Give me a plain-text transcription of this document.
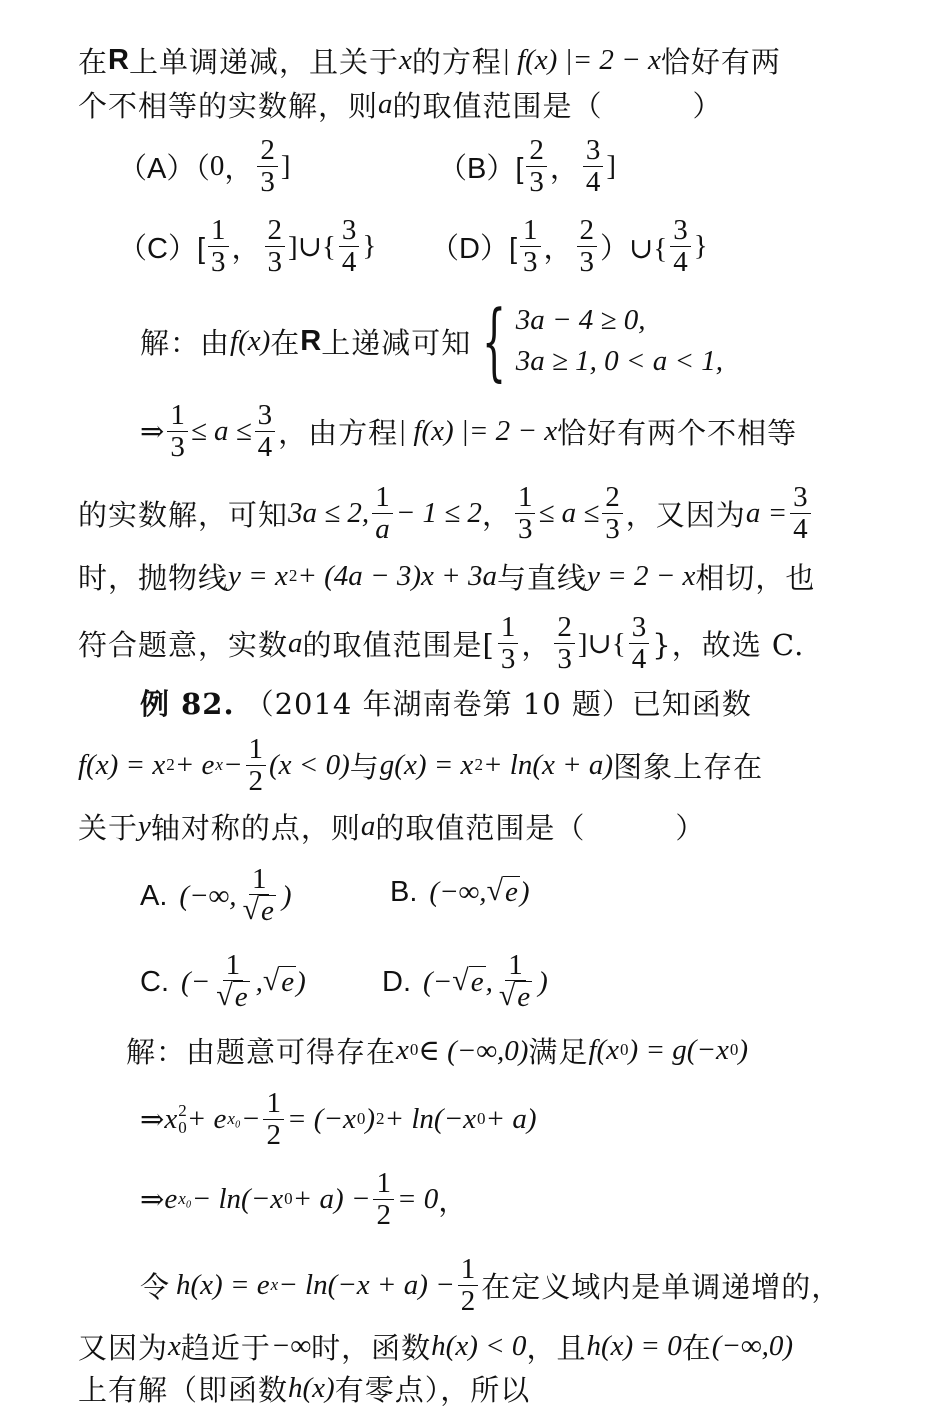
在 R 上单调递减，且关于 x 的方程 | f(x) |= 2 − x 恰好有两
个不相等的实数解，则 a 的取值范围是（　　　）
（A）（ 0 ， $\frac{2}{3}$ ]	$(B)[ \frac{2}{3}$ ， $\frac{3}{4}$ ]
$(C)[ \frac{1}{3}$ ， $\frac{2}{3}$ ]∪{ $\frac{3}{4}$ } $(D)[ \frac{1}{3}$ ， $\frac{2}{3}$ ）∪{ $\frac{3}{4}$ }
解：由 f(x) 在 R 上递减可知 { 3a − 4 ≥ 0,
3a ≥ 1, 0 < a < 1,
⇒ $\frac{1}{3} \le a \le \frac{3}{4}$ ，由方程 | f(x) |= 2 − x 恰好有两个不相等
的实数解，可知 3a ≤ 2, $\frac{1}{a} - 1 \le 2$ ， $\frac{1}{3} \le a \le \frac{2}{3}$ ，又因为 $a = \frac{3}{4}$
时，抛物线 y = x 2 + (4a − 3)x + 3a 与直线 y = 2 − x 相切，也
符合题意，实数 a 的取值范围是[ $\frac{1}{3}$ ， $\frac{2}{3}$ ]∪{ $\frac{3}{4}$ }，故选 C.
例 82. （2014 年湖南卷第 10 题）已知函数
f(x) = x 2 + e $x - \frac{1}{2} (x < 0)$ 与 g(x) = x 2 + ln(x + a) 图象上存在
关于 y 轴对称的点，则 a 的取值范围是（　　　）
A. (−∞, $\frac{1}{√ e}$ )	B. (−∞, √ e )
C. (− $\frac{1}{√ e}$ , √ e )	D. (− √ e , $\frac{1}{√ e}$ )
解：由题意可得存在 x 0 ∈ (−∞,0) 满足 f(x 0 ) = g(−x 0 )
⇒ x 2
0 + e $x_0 - \frac{1}{2} = (-x$ 0 ) 2 + ln(−x 0 + a)
⇒ e x₀ − ln(−x $0 + a) - \frac{1}{2} = 0$ ，
令 h(x) = e $x - \ln(-x + a) - \frac{1}{2}$ 在定义域内是单调递增的，
又因为 x 趋近于 −∞ 时，函数 h(x) < 0 ，且 h(x) = 0 在 (−∞,0)
上有解（即函数 h(x) 有零点），所以
